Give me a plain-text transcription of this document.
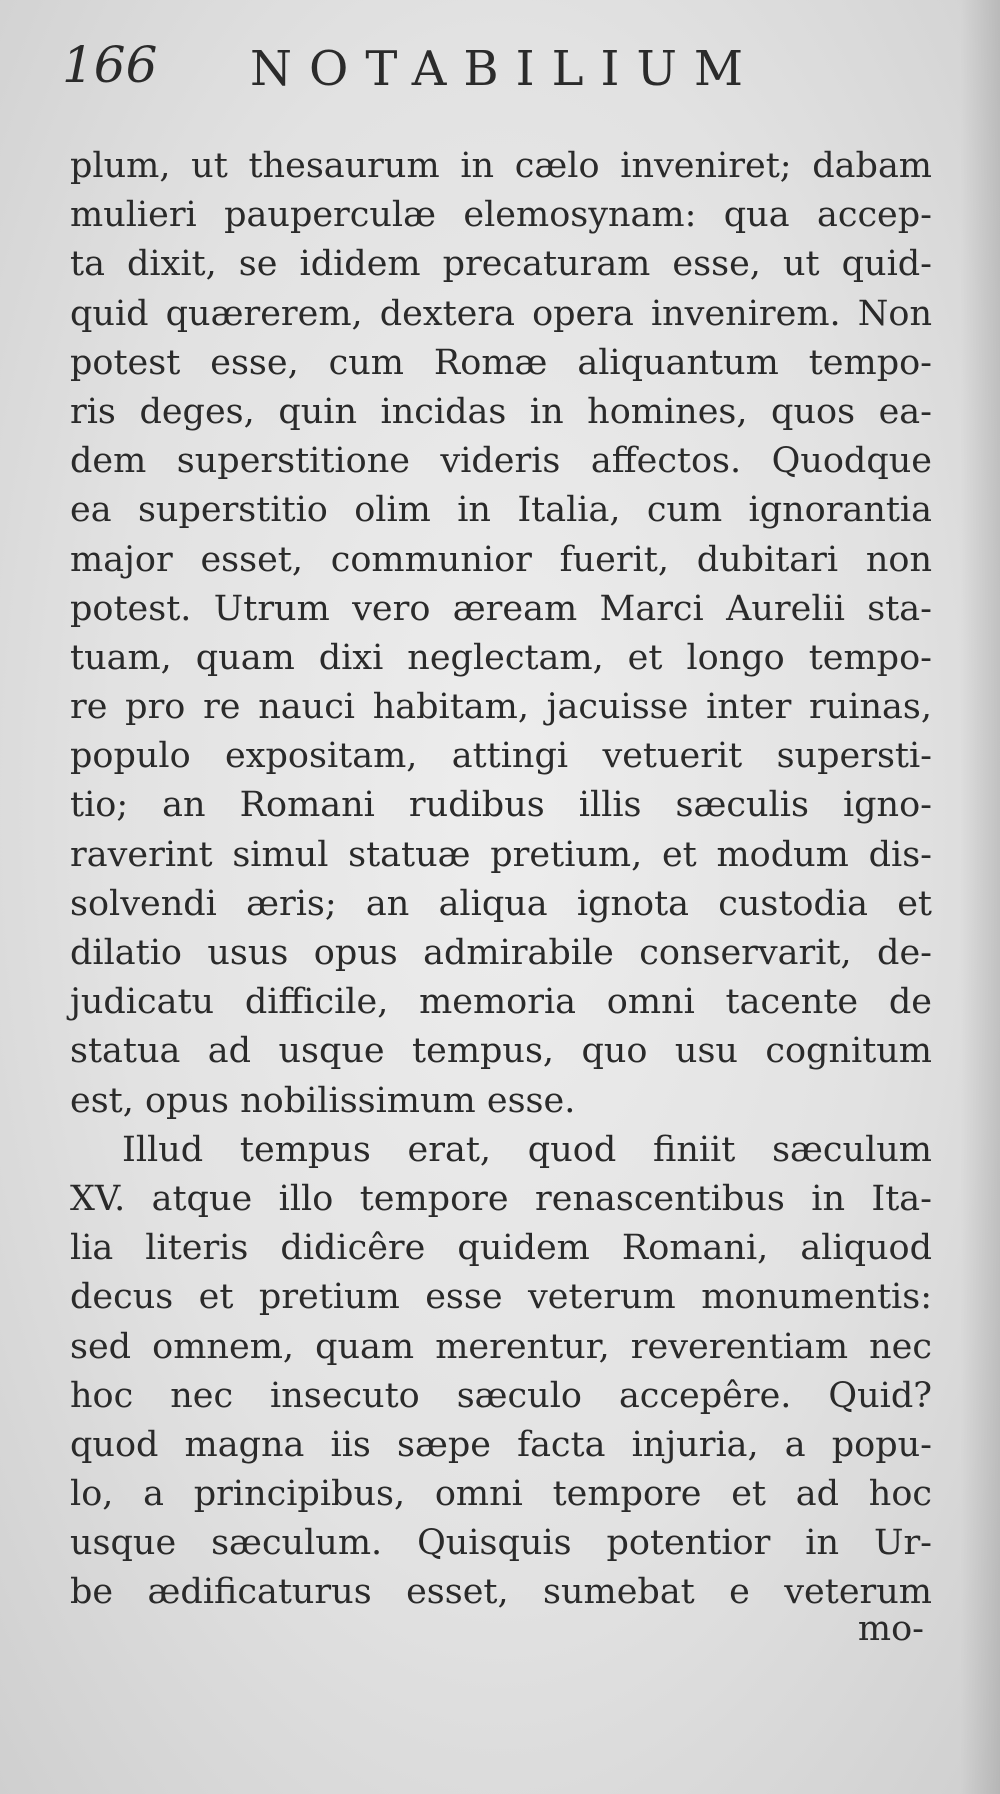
166 NOTABILIUM
plum, ut thesaurum in cælo inveniret; dabam
mulieri pauperculæ elemosynam: qua accep-
ta dixit, se ididem precaturam esse, ut quid-
quid quærerem, dextera opera invenirem. Non
potest esse, cum Romæ aliquantum tempo-
ris deges, quin incidas in homines, quos ea-
dem superstitione videris affectos. Quodque
ea superstitio olim in Italia, cum ignorantia
major esset, communior fuerit, dubitari non
potest. Utrum vero æream Marci Aurelii sta-
tuam, quam dixi neglectam, et longo tempo-
re pro re nauci habitam, jacuisse inter ruinas,
populo expositam, attingi vetuerit supersti-
tio; an Romani rudibus illis sæculis igno-
raverint simul statuæ pretium, et modum dis-
solvendi æris; an aliqua ignota custodia et
dilatio usus opus admirabile conservarit, de-
judicatu difficile, memoria omni tacente de
statua ad usque tempus, quo usu cognitum
est, opus nobilissimum esse.
Illud tempus erat, quod finiit sæculum
XV. atque illo tempore renascentibus in Ita-
lia literis didicêre quidem Romani, aliquod
decus et pretium esse veterum monumentis:
sed omnem, quam merentur, reverentiam nec
hoc nec insecuto sæculo accepêre. Quid?
quod magna iis sæpe facta injuria, a popu-
lo, a principibus, omni tempore et ad hoc
usque sæculum. Quisquis potentior in Ur-
be ædificaturus esset, sumebat e veterum
mo-
